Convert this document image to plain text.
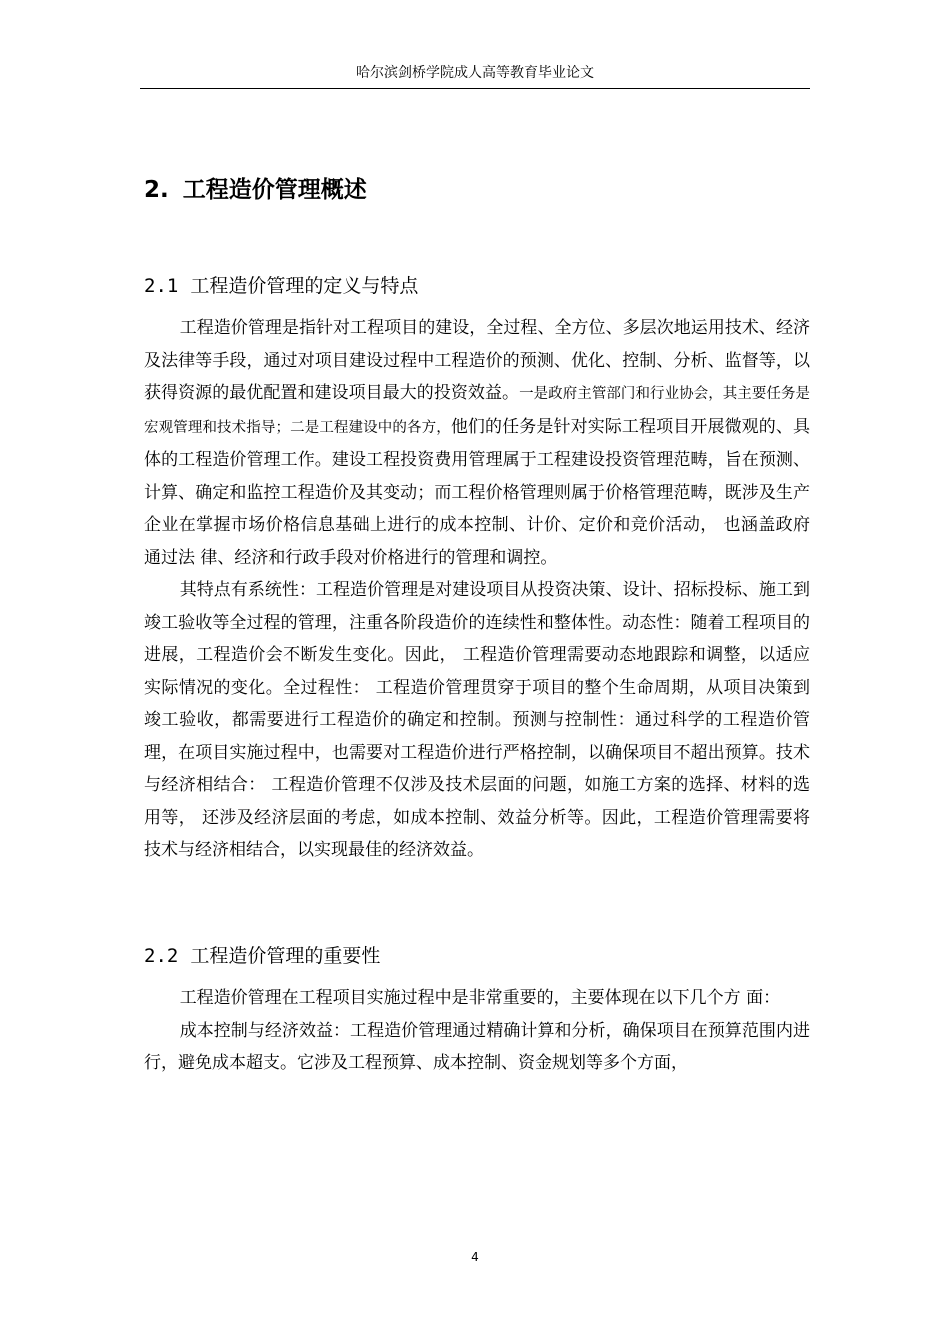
哈尔滨剑桥学院成人高等教育毕业论文
2. 工程造价管理概述
2.1 工程造价管理的定义与特点

工程造价管理是指针对工程项目的建设，全过程、全方位、多层次地运用技术、经济及法律等手段，通过对项目建设过程中工程造价的预测、优化、控制、分析、监督等，以获得资源的最优配置和建设项目最大的投资效益。一是政府主管部门和行业协会，其主要任务是宏观管理和技术指导；二是工程建设中的各方，他们的任务是针对实际工程项目开展微观的、具体的工程造价管理工作。建设工程投资费用管理属于工程建设投资管理范畴，旨在预测、计算、确定和监控工程造价及其变动；而工程价格管理则属于价格管理范畴，既涉及生产企业在掌握市场价格信息基础上进行的成本控制、计价、定价和竞价活动， 也涵盖政府通过法 律、经济和行政手段对价格进行的管理和调控。

其特点有系统性：工程造价管理是对建设项目从投资决策、设计、招标投标、施工到竣工验收等全过程的管理，注重各阶段造价的连续性和整体性。动态性：随着工程项目的进展，工程造价会不断发生变化。因此， 工程造价管理需要动态地跟踪和调整，以适应实际情况的变化。全过程性： 工程造价管理贯穿于项目的整个生命周期，从项目决策到竣工验收，都需要进行工程造价的确定和控制。预测与控制性：通过科学的工程造价管理，在项目实施过程中，也需要对工程造价进行严格控制，以确保项目不超出预算。技术与经济相结合： 工程造价管理不仅涉及技术层面的问题，如施工方案的选择、材料的选用等， 还涉及经济层面的考虑，如成本控制、效益分析等。因此，工程造价管理需要将技术与经济相结合，以实现最佳的经济效益。

2.2 工程造价管理的重要性

工程造价管理在工程项目实施过程中是非常重要的，主要体现在以下几个方 面：

成本控制与经济效益：工程造价管理通过精确计算和分析，确保项目在预算范围内进行，避免成本超支。它涉及工程预算、成本控制、资金规划等多个方面，

4
